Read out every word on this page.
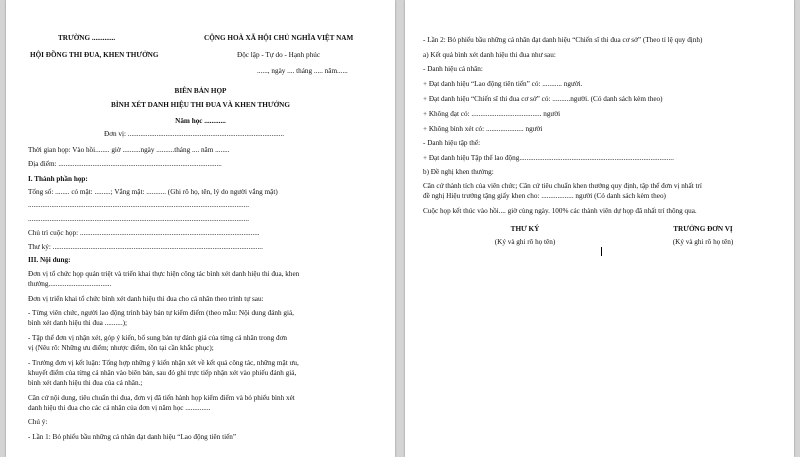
TRƯỜNG .............
HỘI ĐỒNG THI ĐUA, KHEN THƯỞNG
CỘNG HOÀ XÃ HỘI CHỦ NGHĨA VIỆT NAM
Độc lập - Tự do - Hạnh phúc
......, ngày .... tháng ..... năm......
BIÊN BẢN HỌP
BÌNH XÉT DANH HIỆU THI ĐUA VÀ KHEN THƯỞNG
Năm học ............
Đơn vị: .......................................................................................
Thời gian họp: Vào hồi........ giờ ..........ngày ..........tháng .... năm ........
Địa điểm: ...........................................................................................
I. Thành phần họp:
Tổng số: ........ có mặt: .........; Vắng mặt: ........... (Ghi rõ họ, tên, lý do người vắng mặt)
...........................................................................................................................
...........................................................................................................................
Chủ trì cuộc họp: ....................................................................................................
Thư ký: .....................................................................................................................
III. Nội dung:
Đơn vị tổ chức họp quán triệt và triển khai thực hiện công tác bình xét danh hiệu thi đua, khen
thưởng...................................
Đơn vị triển khai tổ chức bình xét danh hiệu thi đua cho cá nhân theo trình tự sau:
- Từng viên chức, người lao động trình bày bản tự kiểm điểm (theo mẫu: Nội dung đánh giá,
bình xét danh hiệu thi đua ..........);
- Tập thể đơn vị nhận xét, góp ý kiến, bổ sung bản tự đánh giá của từng cá nhân trong đơn
vị (Nêu rõ: Những ưu điểm; nhược điểm, tồn tại cần khắc phục);
- Trưởng đơn vị kết luận: Tổng hợp những ý kiến nhận xét về kết quả công tác, những mặt ưu,
khuyết điểm của từng cá nhân vào biên bản, sau đó ghi trực tiếp nhận xét vào phiếu đánh giá,
bình xét danh hiệu thi đua của cá nhân.;
Căn cứ nội dung, tiêu chuẩn thi đua, đơn vị đã tiến hành họp kiểm điểm và bỏ phiếu bình xét
danh hiệu thi đua cho các cá nhân của đơn vị năm học ..............
Chú ý:
- Lần 1: Bỏ phiếu bầu những cá nhân đạt danh hiệu “Lao động tiên tiến”
- Lần 2: Bỏ phiếu bầu những cá nhân đạt danh hiệu “Chiến sĩ thi đua cơ sở” (Theo tỉ lệ quy định)
a) Kết quả bình xét danh hiệu thi đua như sau:
- Danh hiệu cá nhân:
+ Đạt danh hiệu “Lao động tiên tiến” có: ........... người.
+ Đạt danh hiệu “Chiến sĩ thi đua cơ sở” có: ..........người. (Có danh sách kèm theo)
+ Không đạt có: ....................................... người
+ Không bình xét có: ..................... người
- Danh hiệu tập thể:
+ Đạt danh hiệu Tập thể lao động......................................................................................
b) Đề nghị khen thưởng:
Căn cứ thành tích của viên chức; Căn cứ tiêu chuẩn khen thưởng quy định, tập thể đơn vị nhất trí
đề nghị Hiệu trưởng tặng giấy khen cho: .................. người (Có danh sách kèm theo)
Cuộc họp kết thúc vào hồi.... giờ cùng ngày. 100% các thành viên dự họp đã nhất trí thông qua.
THƯ KÝ
(Ký và ghi rõ họ tên)
TRƯỞNG ĐƠN VỊ
(Ký và ghi rõ họ tên)
